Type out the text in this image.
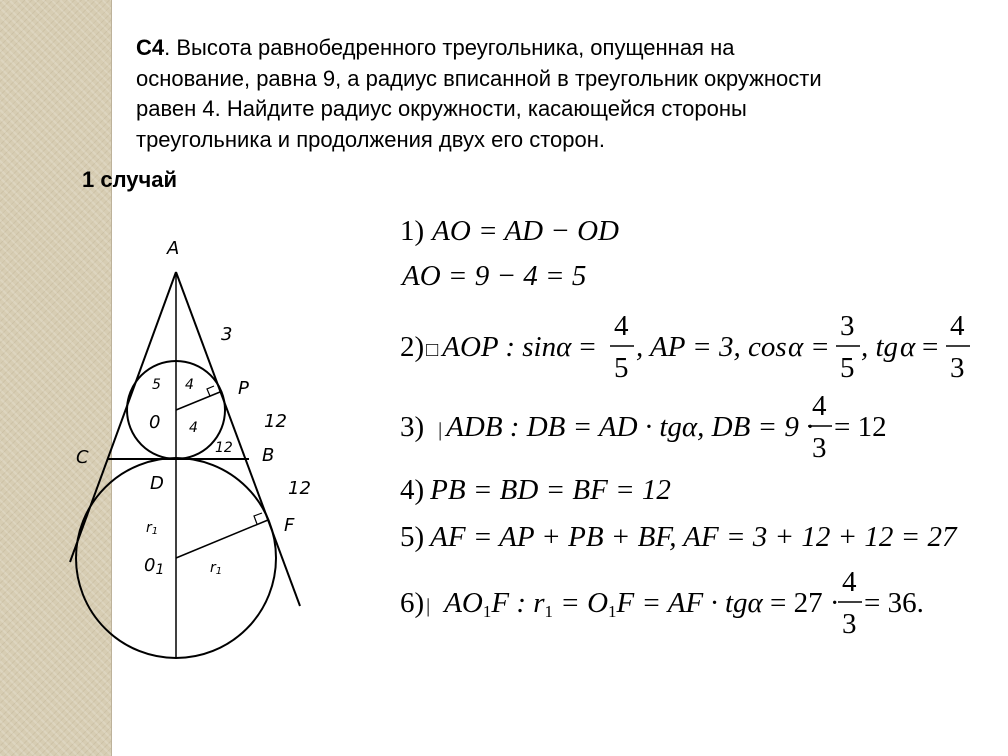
С4. Высота равнобедренного треугольника, опущенная на
основание, равна 9, а радиус вписанной в треугольник окружности
равен 4. Найдите радиус окружности, касающейся стороны
треугольника и продолжения двух его сторон.
1 случай
A
C
D
B
P
F
0
01
3
5 4
4	12
12
12
r1
r1
1) AO = AD − OD
AO = 9 − 4 = 5
2) □ AOP : sinα =
4
5
, AP = 3, cos α =
3
5
, tg α =
4
3
3) | ADB : DB = AD · tgα, DB = 9 ·
4
3
= 12
4) PB = BD = BF = 12
5) AF = AP + PB + BF, AF = 3 + 12 + 12 = 27
6) | AO1F : r1 = O1F = AF · tgα = 27 ·
4
3
= 36.
